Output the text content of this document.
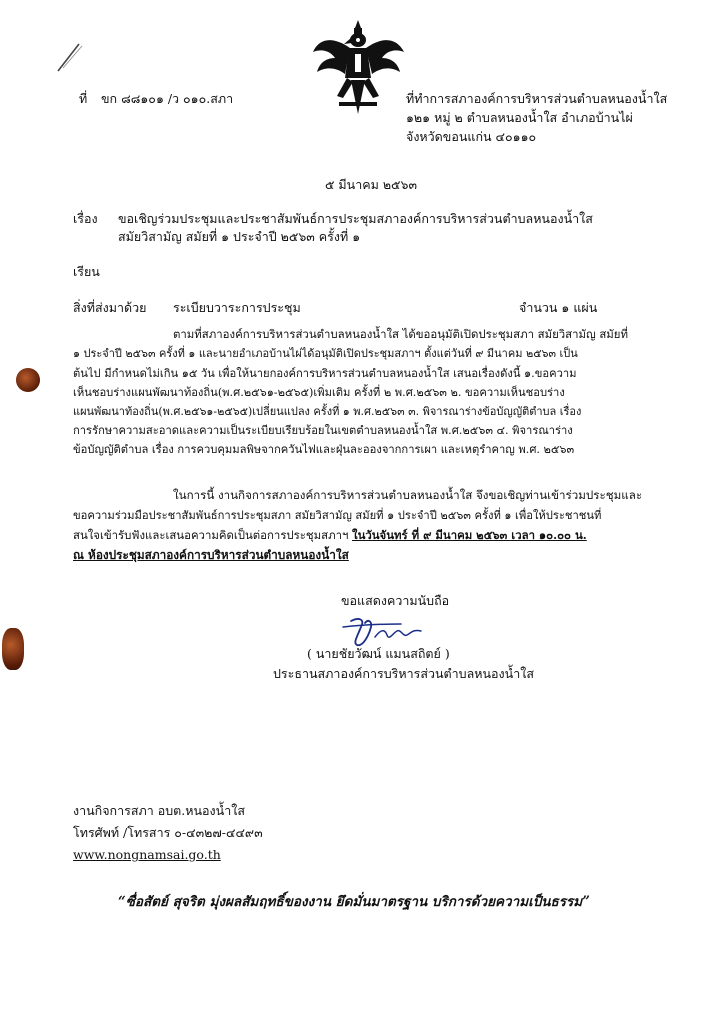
ที่ ขก ๘๘๑๐๑ /ว ๐๑๐.สภา	ที่ทำการสภาองค์การบริหารส่วนตำบลหนองน้ำใส
๑๒๑ หมู่ ๒ ตำบลหนองน้ำใส อำเภอบ้านไผ่
จังหวัดขอนแก่น ๔๐๑๑๐
๕ มีนาคม ๒๕๖๓
เรื่อง ขอเชิญร่วมประชุมและประชาสัมพันธ์การประชุมสภาองค์การบริหารส่วนตำบลหนองน้ำใส
สมัยวิสามัญ สมัยที่ ๑ ประจำปี ๒๕๖๓ ครั้งที่ ๑
เรียน
สิ่งที่ส่งมาด้วย ระเบียบวาระการประชุม	จำนวน ๑ แผ่น
ตามที่สภาองค์การบริหารส่วนตำบลหนองน้ำใส ได้ขออนุมัติเปิดประชุมสภา สมัยวิสามัญ สมัยที่
๑ ประจำปี ๒๕๖๓ ครั้งที่ ๑ และนายอำเภอบ้านไผ่ได้อนุมัติเปิดประชุมสภาฯ ตั้งแต่วันที่ ๙ มีนาคม ๒๕๖๓ เป็น
ต้นไป มีกำหนดไม่เกิน ๑๕ วัน เพื่อให้นายกองค์การบริหารส่วนตำบลหนองน้ำใส เสนอเรื่องดังนี้ ๑.ขอความ
เห็นชอบร่างแผนพัฒนาท้องถิ่น(พ.ศ.๒๕๖๑-๒๕๖๕)เพิ่มเติม ครั้งที่ ๒ พ.ศ.๒๕๖๓ ๒. ขอความเห็นชอบร่าง
แผนพัฒนาท้องถิ่น(พ.ศ.๒๕๖๑-๒๕๖๕)เปลี่ยนแปลง ครั้งที่ ๑ พ.ศ.๒๕๖๓ ๓. พิจารณาร่างข้อบัญญัติตำบล เรื่อง
การรักษาความสะอาดและความเป็นระเบียบเรียบร้อยในเขตตำบลหนองน้ำใส พ.ศ.๒๕๖๓ ๔. พิจารณาร่าง
ข้อบัญญัติตำบล เรื่อง การควบคุมมลพิษจากควันไฟและฝุ่นละอองจากการเผา และเหตุรำคาญ พ.ศ. ๒๕๖๓
ในการนี้ งานกิจการสภาองค์การบริหารส่วนตำบลหนองน้ำใส จึงขอเชิญท่านเข้าร่วมประชุมและ
ขอความร่วมมือประชาสัมพันธ์การประชุมสภา สมัยวิสามัญ สมัยที่ ๑ ประจำปี ๒๕๖๓ ครั้งที่ ๑ เพื่อให้ประชาชนที่
สนใจเข้ารับฟังและเสนอความคิดเป็นต่อการประชุมสภาฯ ในวันจันทร์ ที่ ๙ มีนาคม ๒๕๖๓ เวลา ๑๐.๐๐ น.
ณ ห้องประชุมสภาองค์การบริหารส่วนตำบลหนองน้ำใส
ขอแสดงความนับถือ
( นายชัยวัฒน์ แมนสถิตย์ )
ประธานสภาองค์การบริหารส่วนตำบลหนองน้ำใส
งานกิจการสภา อบต.หนองน้ำใส
โทรศัพท์ /โทรสาร ๐-๔๓๒๗-๔๔๙๓
www.nongnamsai.go.th
“ซื่อสัตย์ สุจริต มุ่งผลสัมฤทธิ์ของงาน ยึดมั่นมาตรฐาน บริการด้วยความเป็นธรรม”
